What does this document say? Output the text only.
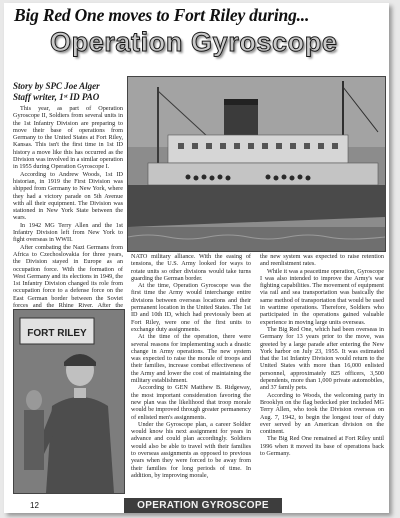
Big Red One moves to Fort Riley during...
Operation Gyroscope
Story by SPC Joe Alger
Staff writer, 1ˢᵗ ID PAO

This year, as part of Operation Gyroscope II, Soldiers from several units in the 1st Infantry Division are preparing to move their base of operations from Germany to the United States at Fort Riley, Kansas. This isn't the first time in 1st ID history a move like this has occurred as the Division was involved in a similar operation in 1955 during Operation Gyroscope I.

According to Andrew Woods, 1st ID historian, in 1919 the First Division was shipped from Germany to New York, where they had a victory parade on 5th Avenue with all their equipment. The Division was stationed in New York State between the wars.

In 1942 MG Terry Allen and the 1st Infantry Division left from New York to fight overseas in WWII.

After combating the Nazi Germans from Africa to Czechoslovakia for three years, the Division stayed in Europe as an occupation force. With the formation of West Germany and its elections in 1949, the 1st Infantry Division changed its role from occupation force to a defense force on the East German border between the Soviet forces and the Rhine River. After the

NATO military alliance. With the easing of tensions, the U.S. Army looked for ways to rotate units so other divisions would take turns guarding the German border.

At the time, Operation Gyroscope was the first time the Army would interchange entire divisions between overseas locations and their permanent location in the United States. The 1st ID and 10th ID, which had previously been at Fort Riley, were one of the first units to exchange duty assignments.

At the time of the operation, there were several reasons for implementing such a drastic change in Army operations. The new system was expected to raise the morale of troops and their families, increase combat effectiveness of the Army and lower the cost of maintaining the military establishment.

According to GEN Matthew B. Ridgeway, the most important consideration favoring the new plan was the likelihood that troop morale would be improved through greater permanency of enlisted men's assignments.

Under the Gyroscope plan, a career Soldier would know his next assignment for years in advance and could plan accordingly. Soldiers would also be able to travel with their families to overseas assignments as opposed to previous years when they were forced to be away from their families for long periods of time. In addition, by improving morale,

the new system was expected to raise retention and reenlistment rates.

While it was a peacetime operation, Gyroscope I was also intended to improve the Army's war fighting capabilities. The movement of equipment via rail and sea transportation was basically the same method of transportation that would be used in wartime operations. Therefore, Soldiers who participated in the operations gained valuable experience in moving large units overseas.

The Big Red One, which had been overseas in Germany for 13 years prior to the move, was greeted by a large parade after entering the New York harbor on July 23, 1955. It was estimated that the 1st Infantry Division would return to the United States with more than 16,000 enlisted personnel, approximately 825 officers, 3,500 dependents, more than 1,000 private automobiles, and 37 family pets.

According to Woods, the welcoming party in Brooklyn on the flag bedecked pier included MG Terry Allen, who took the Division overseas on Aug. 7, 1942, to begin the longest tour of duty ever served by an American division on the continent.

The Big Red One remained at Fort Riley until 1996 when it moved its base of operations back to Germany.

FORT RILEY
12	OPERATION GYROSCOPE
